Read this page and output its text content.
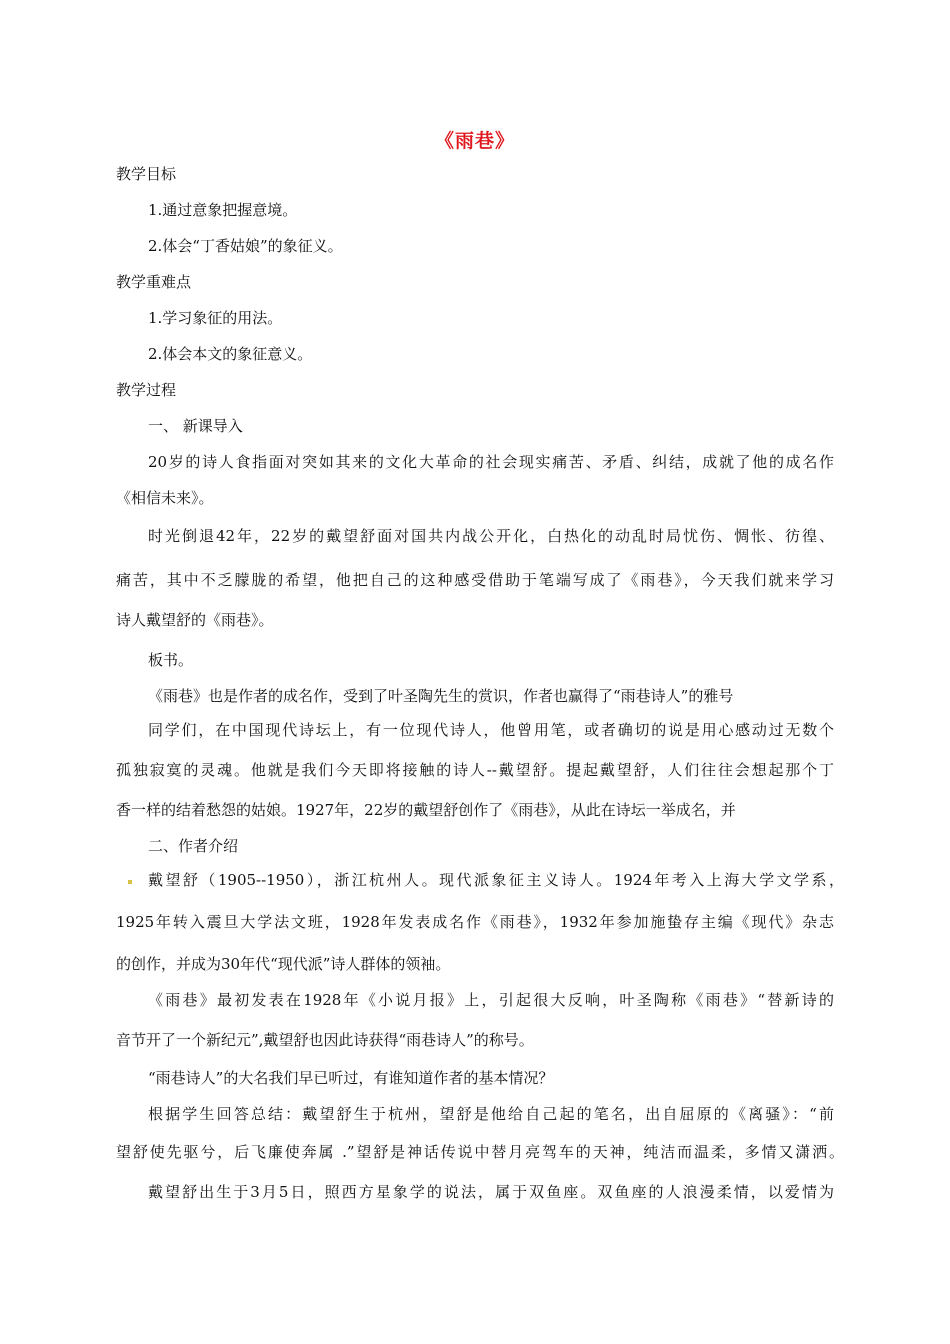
《雨巷》
教学目标
1.通过意象把握意境。
2.体会“丁香姑娘”的象征义。
教学重难点
1.学习象征的用法。
2.体会本文的象征意义。
教学过程
一、 新课导入
20岁的诗人食指面对突如其来的文化大革命的社会现实痛苦、矛盾、纠结，成就了他的成名作
《相信未来》。
时光倒退42年，22岁的戴望舒面对国共内战公开化，白热化的动乱时局忧伤、惆怅、彷徨、
痛苦，其中不乏朦胧的希望，他把自己的这种感受借助于笔端写成了《雨巷》，今天我们就来学习
诗人戴望舒的《雨巷》。
板书。
《雨巷》也是作者的成名作，受到了叶圣陶先生的赏识，作者也赢得了“雨巷诗人”的雅号
同学们，在中国现代诗坛上，有一位现代诗人，他曾用笔，或者确切的说是用心感动过无数个
孤独寂寞的灵魂。他就是我们今天即将接触的诗人--戴望舒。提起戴望舒，人们往往会想起那个丁
香一样的结着愁怨的姑娘。1927年，22岁的戴望舒创作了《雨巷》，从此在诗坛一举成名，并
二、作者介绍
戴望舒（1905--1950），浙江杭州人。现代派象征主义诗人。1924年考入上海大学文学系，
1925年转入震旦大学法文班，1928年发表成名作《雨巷》，1932年参加施蛰存主编《现代》杂志
的创作，并成为30年代“现代派”诗人群体的领袖。
《雨巷》最初发表在1928年《小说月报》上，引起很大反响，叶圣陶称《雨巷》“替新诗的
音节开了一个新纪元”,戴望舒也因此诗获得“雨巷诗人”的称号。
“雨巷诗人”的大名我们早已听过，有谁知道作者的基本情况？
根据学生回答总结：戴望舒生于杭州，望舒是他给自己起的笔名，出自屈原的《离骚》：“前
望舒使先驱兮，后飞廉使奔属 .”望舒是神话传说中替月亮驾车的天神，纯洁而温柔，多情又潇洒。
戴望舒出生于3月5日，照西方星象学的说法，属于双鱼座。双鱼座的人浪漫柔情，以爱情为
